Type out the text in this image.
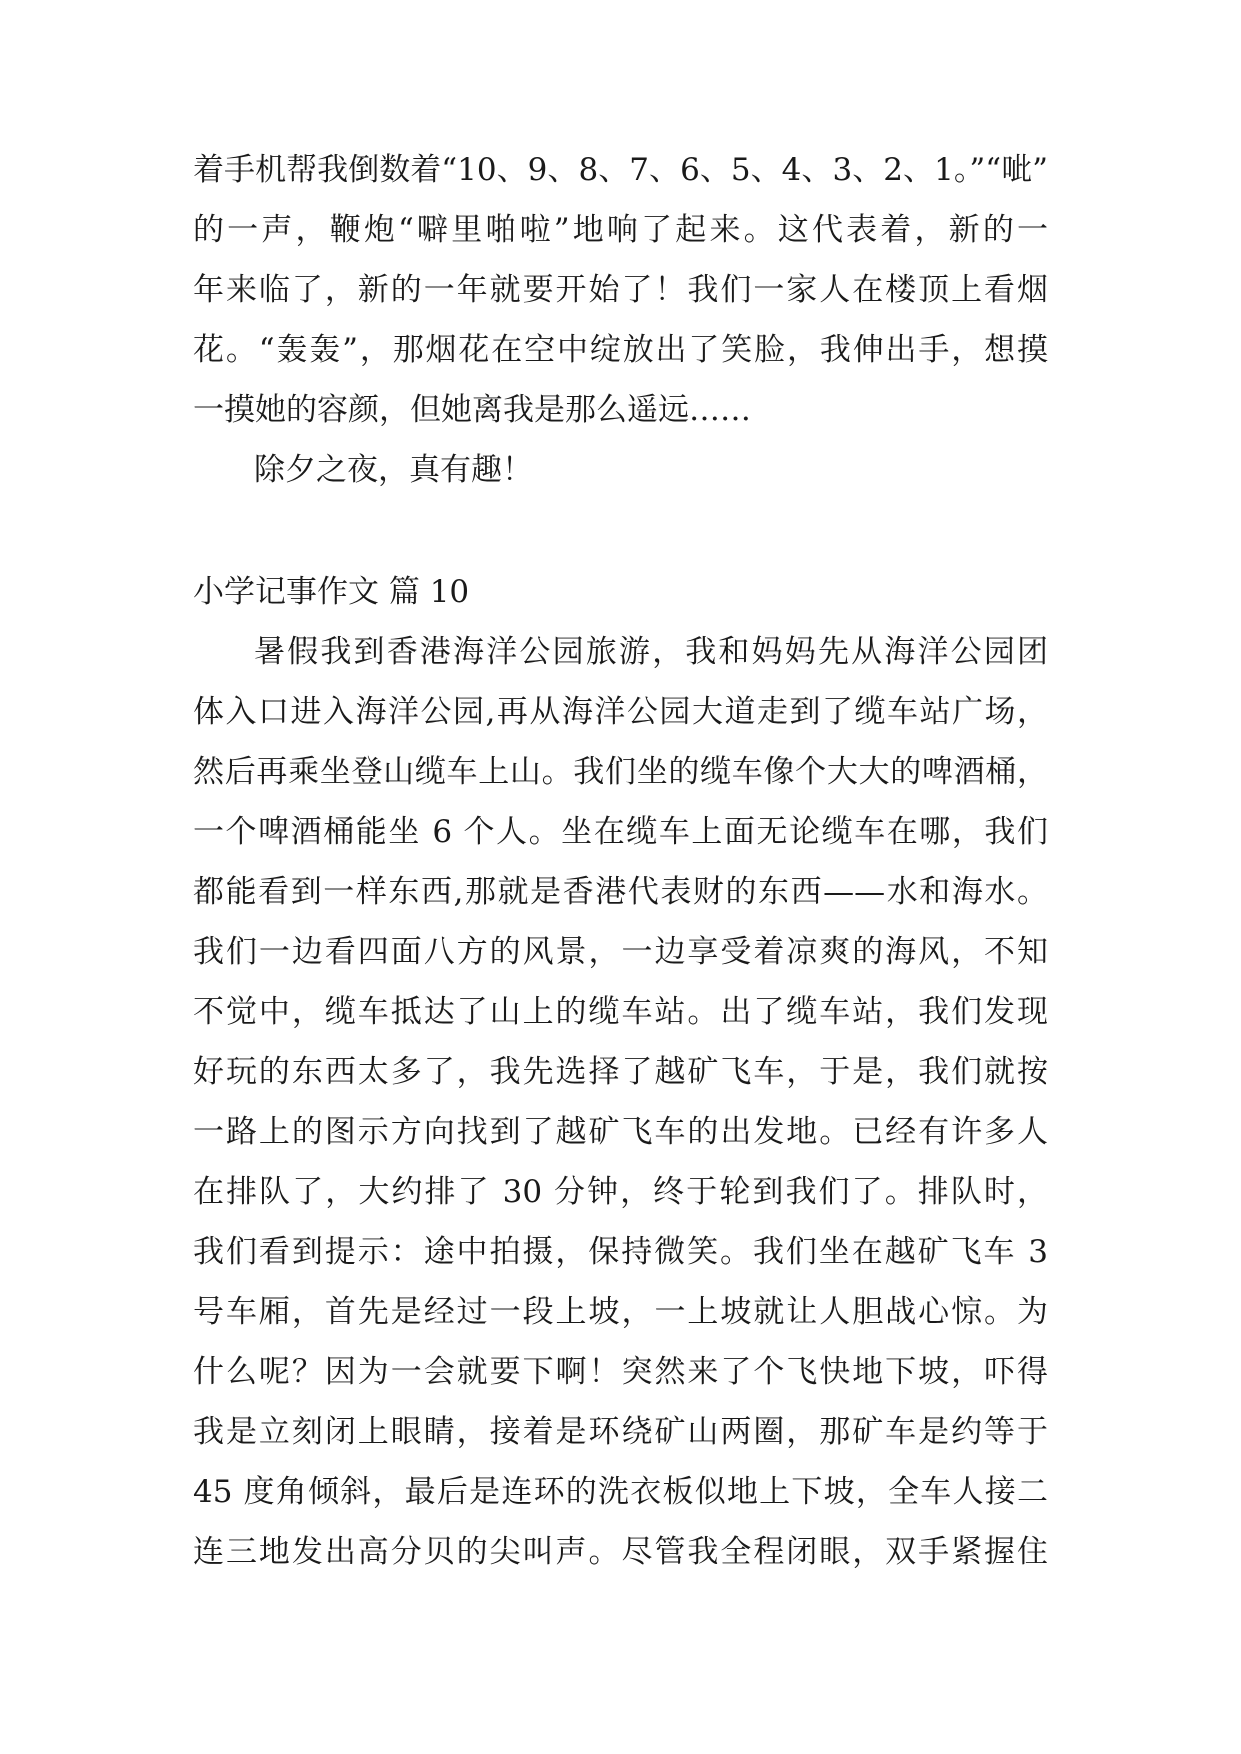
着手机帮我倒数着“10、9、8、7、6、5、4、3、2、1。”“呲”
的一声，鞭炮“噼里啪啦”地响了起来。这代表着，新的一
年来临了，新的一年就要开始了！我们一家人在楼顶上看烟
花。“轰轰”，那烟花在空中绽放出了笑脸，我伸出手，想摸
一摸她的容颜，但她离我是那么遥远……
除夕之夜，真有趣！
小学记事作文 篇 10
暑假我到香港海洋公园旅游，我和妈妈先从海洋公园团
体入口进入海洋公园,再从海洋公园大道走到了缆车站广场，
然后再乘坐登山缆车上山。我们坐的缆车像个大大的啤酒桶，
一个啤酒桶能坐 6 个人。坐在缆车上面无论缆车在哪，我们
都能看到一样东西,那就是香港代表财的东西——水和海水。
我们一边看四面八方的风景，一边享受着凉爽的海风，不知
不觉中，缆车抵达了山上的缆车站。出了缆车站，我们发现
好玩的东西太多了，我先选择了越矿飞车，于是，我们就按
一路上的图示方向找到了越矿飞车的出发地。已经有许多人
在排队了，大约排了 30 分钟，终于轮到我们了。排队时，
我们看到提示：途中拍摄，保持微笑。我们坐在越矿飞车 3
号车厢，首先是经过一段上坡，一上坡就让人胆战心惊。为
什么呢？因为一会就要下啊！突然来了个飞快地下坡，吓得
我是立刻闭上眼睛，接着是环绕矿山两圈，那矿车是约等于
45 度角倾斜，最后是连环的洗衣板似地上下坡，全车人接二
连三地发出高分贝的尖叫声。尽管我全程闭眼，双手紧握住
